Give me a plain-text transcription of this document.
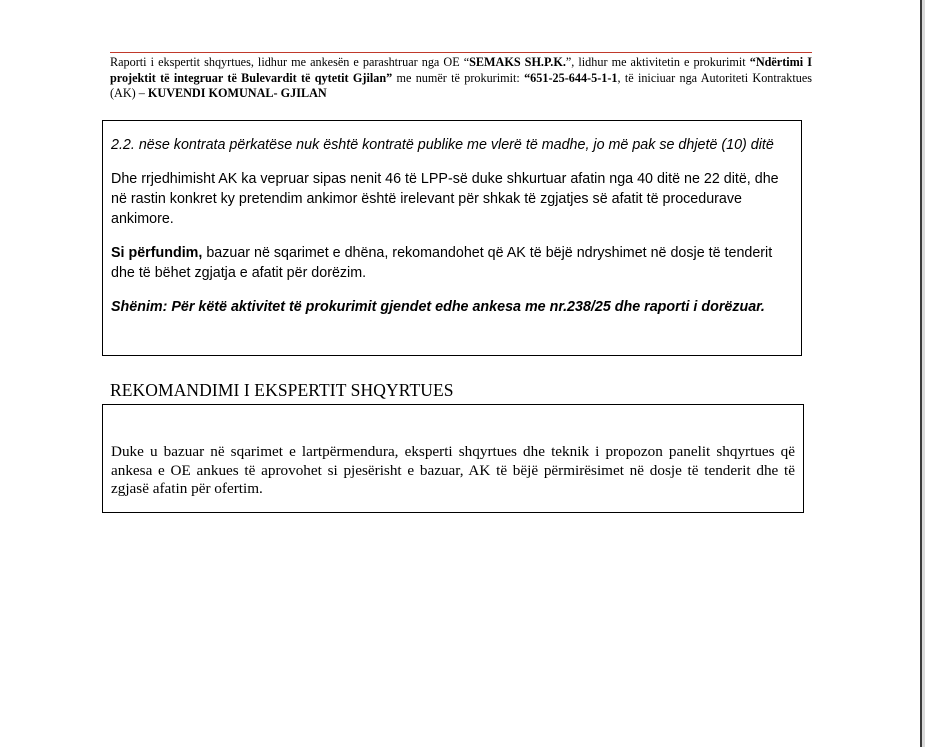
Raporti i ekspertit shqyrtues, lidhur me ankesën e parashtruar nga OE “SEMAKS SH.P.K.”, lidhur me aktivitetin e prokurimit “Ndërtimi I projektit të integruar të Bulevardit të qytetit Gjilan” me numër të prokurimit: “651-25-644-5-1-1, të iniciuar nga Autoriteti Kontraktues (AK) – KUVENDI KOMUNAL- GJILAN

2.2. nëse kontrata përkatëse nuk është kontratë publike me vlerë të madhe, jo më pak se dhjetë (10) ditë

Dhe rrjedhimisht AK ka vepruar sipas nenit 46 të LPP-së duke shkurtuar afatin nga 40 ditë ne 22 ditë, dhe në rastin konkret ky pretendim ankimor është irelevant për shkak të zgjatjes së afatit të procedurave ankimore.

Si përfundim, bazuar në sqarimet e dhëna, rekomandohet që AK të bëjë ndryshimet në dosje të tenderit dhe të bëhet zgjatja e afatit për dorëzim.

Shënim: Për këtë aktivitet të prokurimit gjendet edhe ankesa me nr.238/25 dhe raporti i dorëzuar.

REKOMANDIMI I EKSPERTIT SHQYRTUES
Duke u bazuar në sqarimet e lartpërmendura, eksperti shqyrtues dhe teknik i propozon panelit shqyrtues që ankesa e OE ankues të aprovohet si pjesërisht e bazuar, AK të bëjë përmirësimet në dosje të tenderit dhe të zgjasë afatin për ofertim.
